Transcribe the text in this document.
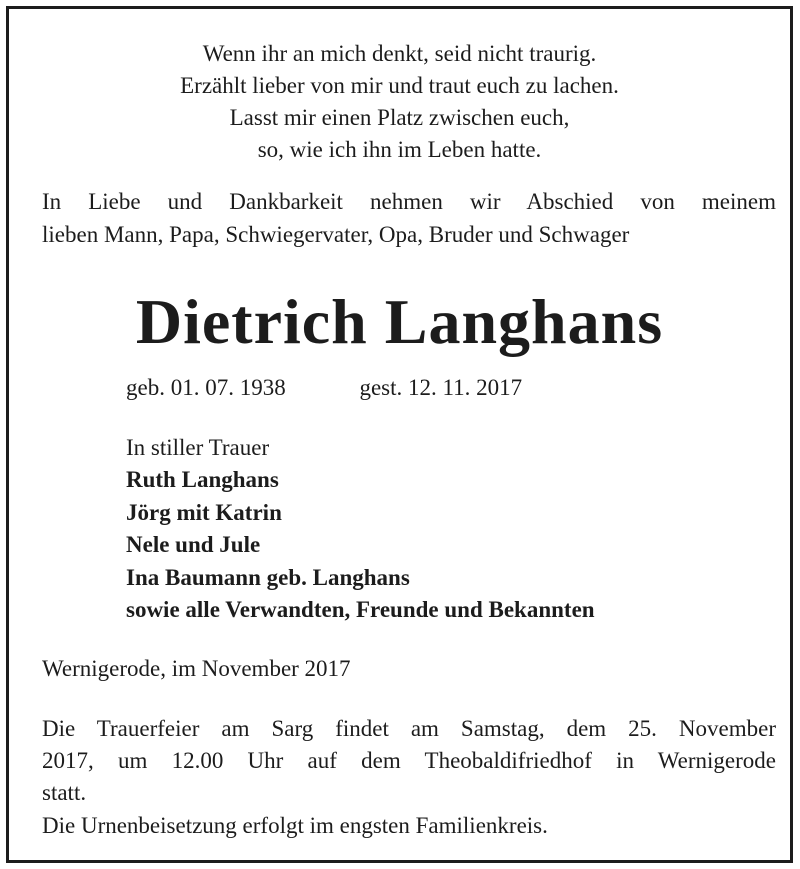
Wenn ihr an mich denkt, seid nicht traurig.
Erzählt lieber von mir und traut euch zu lachen.
Lasst mir einen Platz zwischen euch,
so, wie ich ihn im Leben hatte.
In Liebe und Dankbarkeit nehmen wir Abschied von meinem
lieben Mann, Papa, Schwiegervater, Opa, Bruder und Schwager
Dietrich Langhans
geb. 01. 07. 1938	gest. 12. 11. 2017
In stiller Trauer
Ruth Langhans
Jörg mit Katrin
Nele und Jule
Ina Baumann geb. Langhans
sowie alle Verwandten, Freunde und Bekannten
Wernigerode, im November 2017
Die Trauerfeier am Sarg findet am Samstag, dem 25. November
2017, um 12.00 Uhr auf dem Theobaldifriedhof in Wernigerode
statt.
Die Urnenbeisetzung erfolgt im engsten Familienkreis.
